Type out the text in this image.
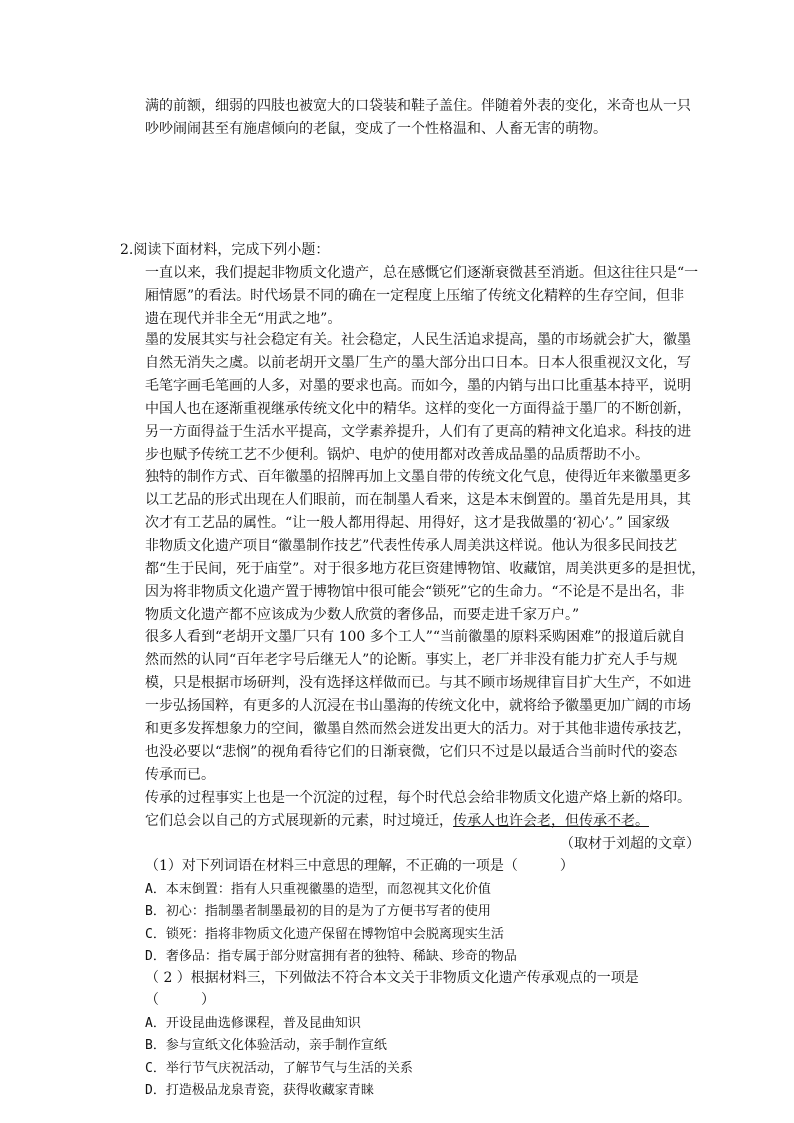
满的前额，细弱的四肢也被宽大的口袋装和鞋子盖住。伴随着外表的变化，米奇也从一只
吵吵闹闹甚至有施虐倾向的老鼠，变成了一个性格温和、人畜无害的萌物。
2.阅读下面材料，完成下列小题：
一直以来，我们提起非物质文化遗产，总在感慨它们逐渐衰微甚至消逝。但这往往只是“一
厢情愿”的看法。时代场景不同的确在一定程度上压缩了传统文化精粹的生存空间，但非
遗在现代并非全无“用武之地”。
墨的发展其实与社会稳定有关。社会稳定，人民生活追求提高，墨的市场就会扩大，徽墨
自然无消失之虞。以前老胡开文墨厂生产的墨大部分出口日本。日本人很重视汉文化，写
毛笔字画毛笔画的人多，对墨的要求也高。而如今，墨的内销与出口比重基本持平，说明
中国人也在逐渐重视继承传统文化中的精华。这样的变化一方面得益于墨厂的不断创新，
另一方面得益于生活水平提高，文学素养提升，人们有了更高的精神文化追求。科技的进
步也赋予传统工艺不少便利。锅炉、电炉的使用都对改善成品墨的品质帮助不小。
独特的制作方式、百年徽墨的招牌再加上文墨自带的传统文化气息，使得近年来徽墨更多
以工艺品的形式出现在人们眼前，而在制墨人看来，这是本末倒置的。墨首先是用具，其
次才有工艺品的属性。“让一般人都用得起、用得好，这才是我做墨的‘初心’。” 国家级
非物质文化遗产项目“徽墨制作技艺”代表性传承人周美洪这样说。他认为很多民间技艺
都“生于民间，死于庙堂”。对于很多地方花巨资建博物馆、收藏馆，周美洪更多的是担忧，
因为将非物质文化遗产置于博物馆中很可能会“锁死”它的生命力。“不论是不是出名，非
物质文化遗产都不应该成为少数人欣赏的奢侈品，而要走进千家万户。”
很多人看到“老胡开文墨厂只有 100 多个工人”“当前徽墨的原料采购困难”的报道后就自
然而然的认同“百年老字号后继无人”的论断。事实上，老厂并非没有能力扩充人手与规
模，只是根据市场研判，没有选择这样做而已。与其不顾市场规律盲目扩大生产，不如进
一步弘扬国粹，有更多的人沉浸在书山墨海的传统文化中，就将给予徽墨更加广阔的市场
和更多发挥想象力的空间，徽墨自然而然会迸发出更大的活力。对于其他非遗传承技艺，
也没必要以“悲悯”的视角看待它们的日渐衰微，它们只不过是以最适合当前时代的姿态
传承而已。
传承的过程事实上也是一个沉淀的过程，每个时代总会给非物质文化遗产烙上新的烙印。
它们总会以自己的方式展现新的元素，时过境迁，传承人也许会老，但传承不老。
（取材于刘超的文章）
（1）对下列词语在材料三中意思的理解，不正确的一项是（　　　）
A．本末倒置：指有人只重视徽墨的造型，而忽视其文化价值
B．初心：指制墨者制墨最初的目的是为了方便书写者的使用
C．锁死：指将非物质文化遗产保留在博物馆中会脱离现实生活
D．奢侈品：指专属于部分财富拥有者的独特、稀缺、珍奇的物品
（ 2 ）根据材料三，下列做法不符合本文关于非物质文化遗产传承观点的一项是
（　　　）
A．开设昆曲选修课程，普及昆曲知识
B．参与宣纸文化体验活动，亲手制作宣纸
C．举行节气庆祝活动，了解节气与生活的关系
D．打造极品龙泉青瓷，获得收藏家青睐
